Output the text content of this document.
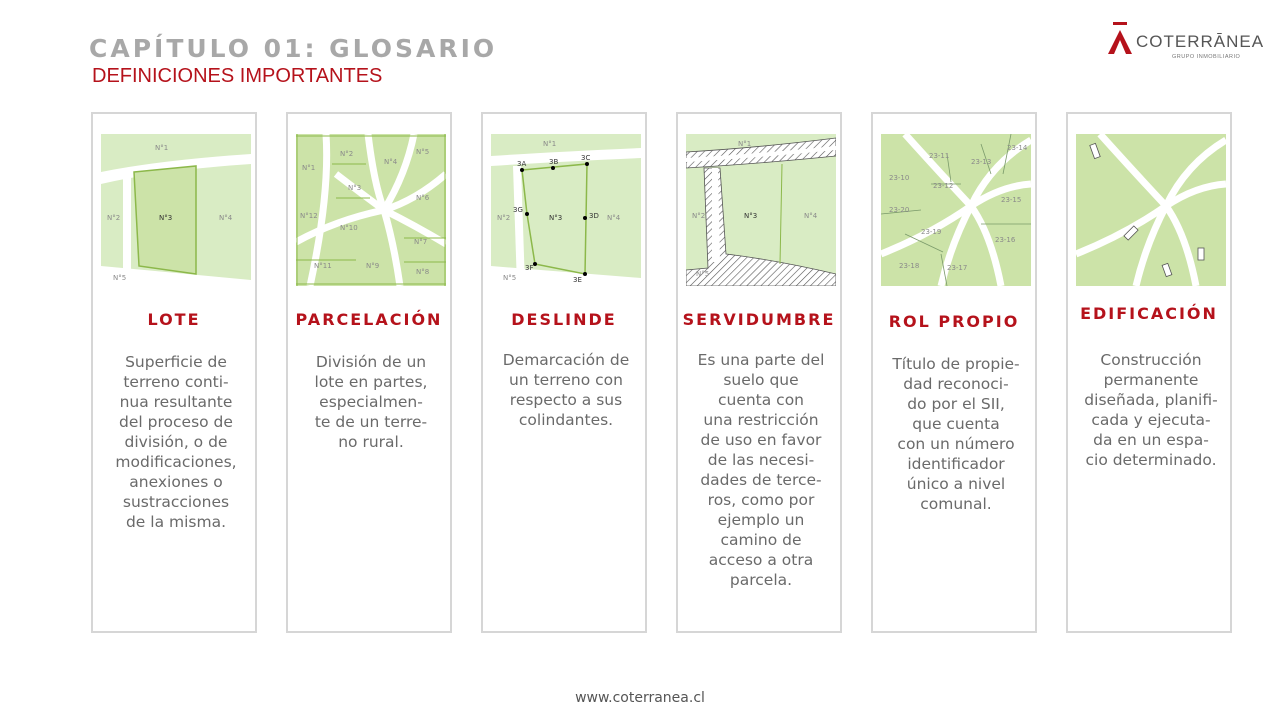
CAPÍTULO 01: GLOSARIO
DEFINICIONES IMPORTANTES
COTERRĀNEA
GRUPO INMOBILIARIO
N°1
N°2	N°3	N°4
N°5
LOTE
Superficie de
terreno conti-
nua resultante
del proceso de
división, o de
modificaciones,
anexiones o
sustracciones
de la misma.
N°1
N°2
N°3
N°4
N°5
N°6
N°7
N°8
N°9
N°10
N°11
N°12
PARCELACIÓN
División de un
lote en partes,
especialmen-
te de un terre-
no rural.
N°1
N°2	N°3	N°4
N°5
3A	3B	3C
3D
3E
3F
3G
DESLINDE
Demarcación de
un terreno con
respecto a sus
colindantes.
N°1
N°2	N°3	N°4
N°5
SERVIDUMBRE
Es una parte del
suelo que
cuenta con
una restricción
de uso en favor
de las necesi-
dades de terce-
ros, como por
ejemplo un
camino de
acceso a otra
parcela.
23-10
23-11
23-12
23-13
23-14
23-15
23-16
23-17
23-18
23-19
23-20
ROL PROPIO
Título de propie-
dad reconoci-
do por el SII,
que cuenta
con un número
identificador
único a nivel
comunal.
EDIFICACIÓN
Construcción
permanente
diseñada, planifi-
cada y ejecuta-
da en un espa-
cio determinado.
www.coterranea.cl
